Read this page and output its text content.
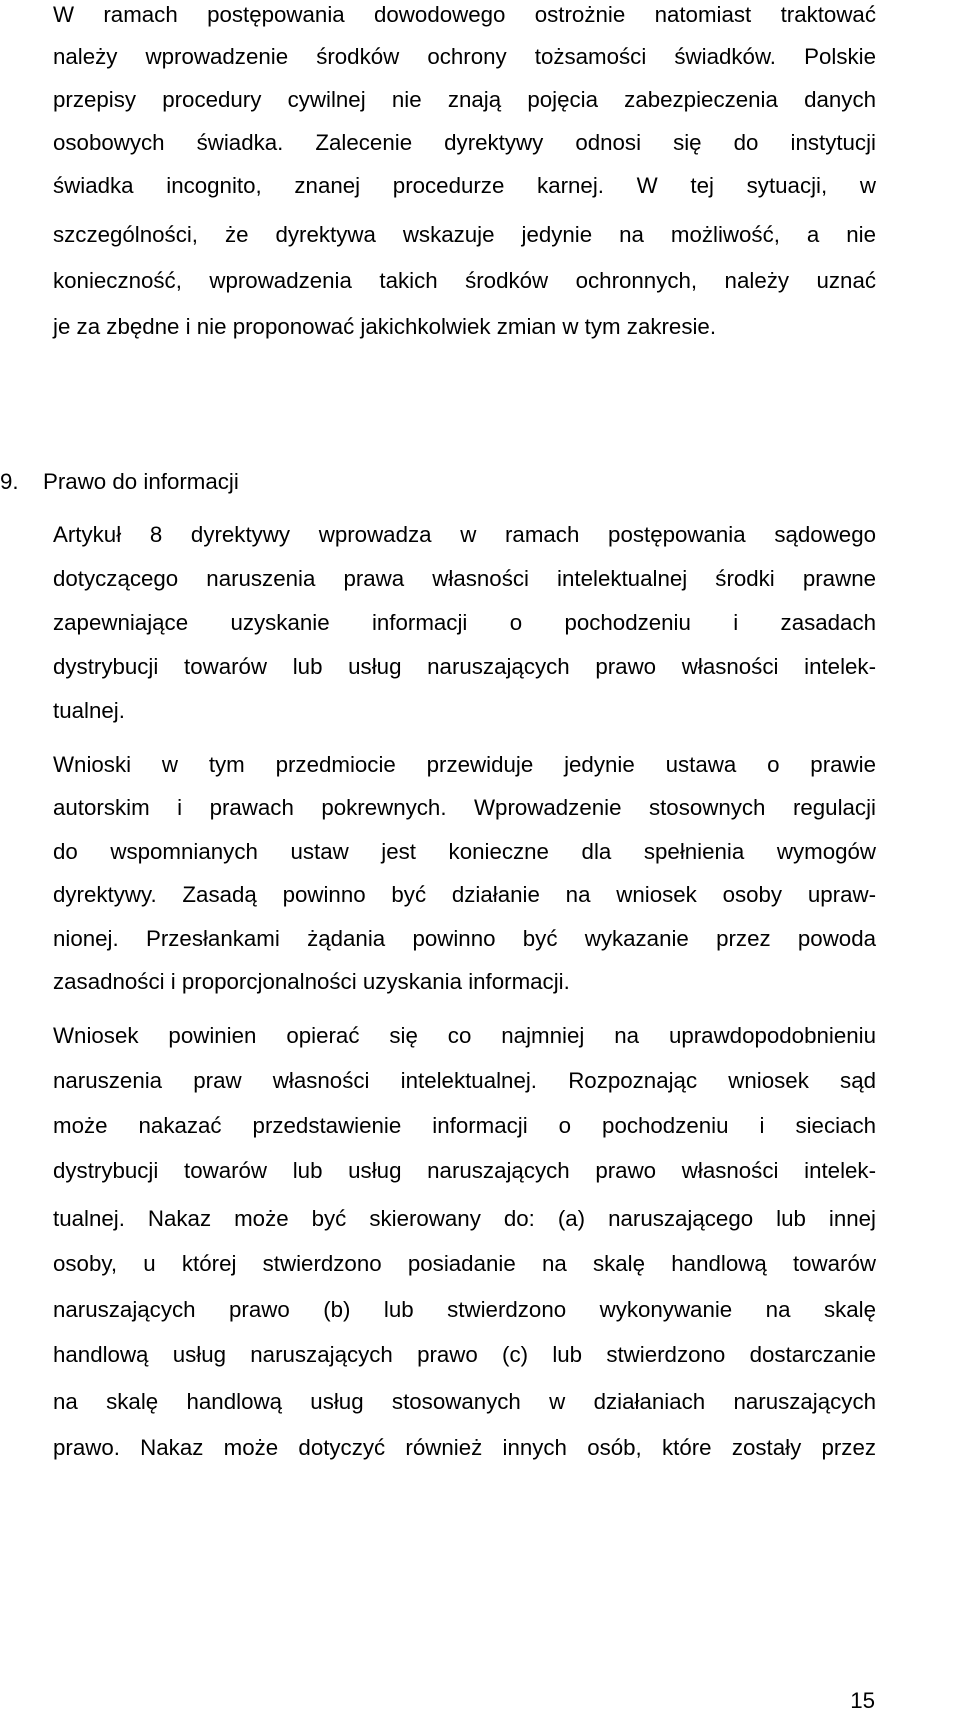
W ramach postępowania dowodowego ostrożnie natomiast traktować
należy wprowadzenie środków ochrony tożsamości świadków. Polskie
przepisy procedury cywilnej nie znają pojęcia zabezpieczenia danych
osobowych świadka. Zalecenie dyrektywy odnosi się do instytucji
świadka incognito, znanej procedurze karnej. W tej sytuacji, w
szczególności, że dyrektywa wskazuje jedynie na możliwość, a nie
konieczność, wprowadzenia takich środków ochronnych, należy uznać
je za zbędne i nie proponować jakichkolwiek zmian w tym zakresie.
9. Prawo do informacji
Artykuł 8 dyrektywy wprowadza w ramach postępowania sądowego
dotyczącego naruszenia prawa własności intelektualnej środki prawne
zapewniające uzyskanie informacji o pochodzeniu i zasadach
dystrybucji towarów lub usług naruszających prawo własności intelek-
tualnej.
Wnioski w tym przedmiocie przewiduje jedynie ustawa o prawie
autorskim i prawach pokrewnych. Wprowadzenie stosownych regulacji
do wspomnianych ustaw jest konieczne dla spełnienia wymogów
dyrektywy. Zasadą powinno być działanie na wniosek osoby upraw-
nionej. Przesłankami żądania powinno być wykazanie przez powoda
zasadności i proporcjonalności uzyskania informacji.
Wniosek powinien opierać się co najmniej na uprawdopodobnieniu
naruszenia praw własności intelektualnej. Rozpoznając wniosek sąd
może nakazać przedstawienie informacji o pochodzeniu i sieciach
dystrybucji towarów lub usług naruszających prawo własności intelek-
tualnej. Nakaz może być skierowany do: (a) naruszającego lub innej
osoby, u której stwierdzono posiadanie na skalę handlową towarów
naruszających prawo (b) lub stwierdzono wykonywanie na skalę
handlową usług naruszających prawo (c) lub stwierdzono dostarczanie
na skalę handlową usług stosowanych w działaniach naruszających
prawo. Nakaz może dotyczyć również innych osób, które zostały przez
15
